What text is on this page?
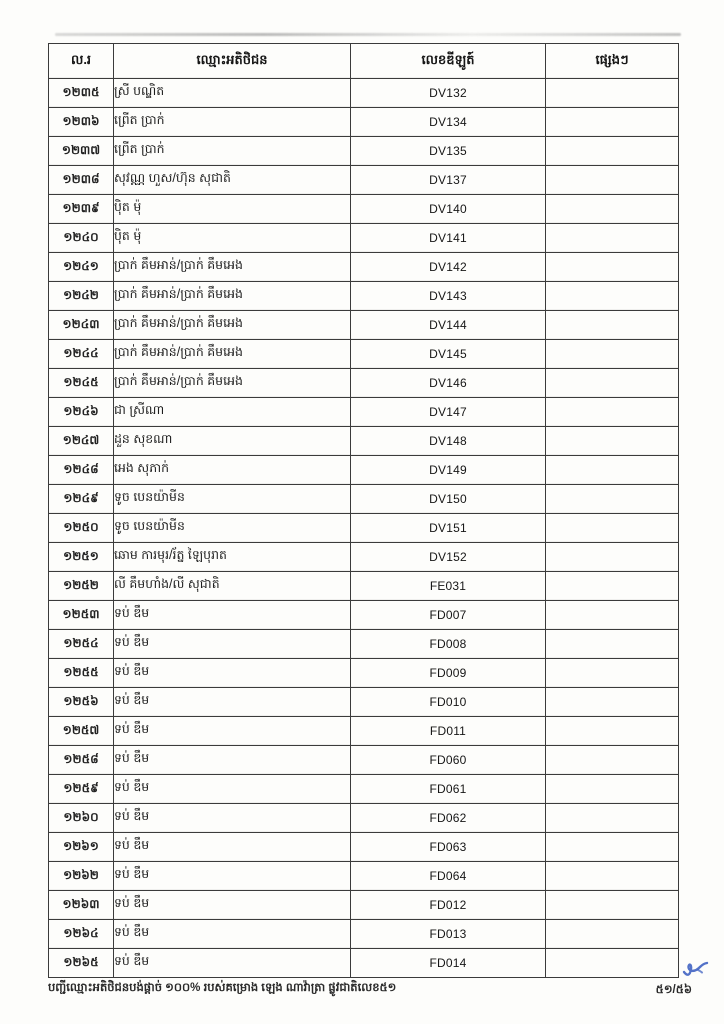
ល.រ	ឈ្មោះអតិថិជន	លេខឌីឡូត៍	ផ្សេងៗ
១២៣៥	ស្រី បណ្ឌិត	DV132	
១២៣៦	ព្រើត ប្រាក់	DV134	
១២៣៧	ព្រើត ប្រាក់	DV135	
១២៣៨	សុវណ្ណ ហួស/ហ៊ុន សុជាតិ	DV137	
១២៣៩	ប៉ិត ម៉ុ	DV140	
១២៤០	ប៉ិត ម៉ុ	DV141	
១២៤១	ប្រាក់ គឹមអាន់/ប្រាក់ គឹមអេង	DV142	
១២៤២	ប្រាក់ គឹមអាន់/ប្រាក់ គឹមអេង	DV143	
១២៤៣	ប្រាក់ គឹមអាន់/ប្រាក់ គឹមអេង	DV144	
១២៤៤	ប្រាក់ គឹមអាន់/ប្រាក់ គឹមអេង	DV145	
១២៤៥	ប្រាក់ គឹមអាន់/ប្រាក់ គឹមអេង	DV146	
១២៤៦	ជា ស្រីណា	DV147	
១២៤៧	ដួន សុខណា	DV148	
១២៤៨	អេង សុភាក់	DV149	
១២៤៩	ទូច បេនយ៉ាមីន	DV150	
១២៥០	ទូច បេនយ៉ាមីន	DV151	
១២៥១	ឆោម ការមុរ/រ័ត្ន ឡៃបុរាត	DV152	
១២៥២	លី គឹមហាំង/លី សុជាតិ	FE031	
១២៥៣	ទប់ ឌឹម	FD007	
១២៥៤	ទប់ ឌឹម	FD008	
១២៥៥	ទប់ ឌឹម	FD009	
១២៥៦	ទប់ ឌឹម	FD010	
១២៥៧	ទប់ ឌឹម	FD011	
១២៥៨	ទប់ ឌឹម	FD060	
១២៥៩	ទប់ ឌឹម	FD061	
១២៦០	ទប់ ឌឹម	FD062	
១២៦១	ទប់ ឌឹម	FD063	
១២៦២	ទប់ ឌឹម	FD064	
១២៦៣	ទប់ ឌឹម	FD012	
១២៦៤	ទប់ ឌឹម	FD013	
១២៦៥	ទប់ ឌឹម	FD014	
បញ្ជីឈ្មោះអតិថិជនបង់ផ្តាច់ ១០០% របស់គម្រោង ឡេង ណាវ៉ាត្រា ផ្លូវជាតិលេខ៥១	៥១/៥៦
